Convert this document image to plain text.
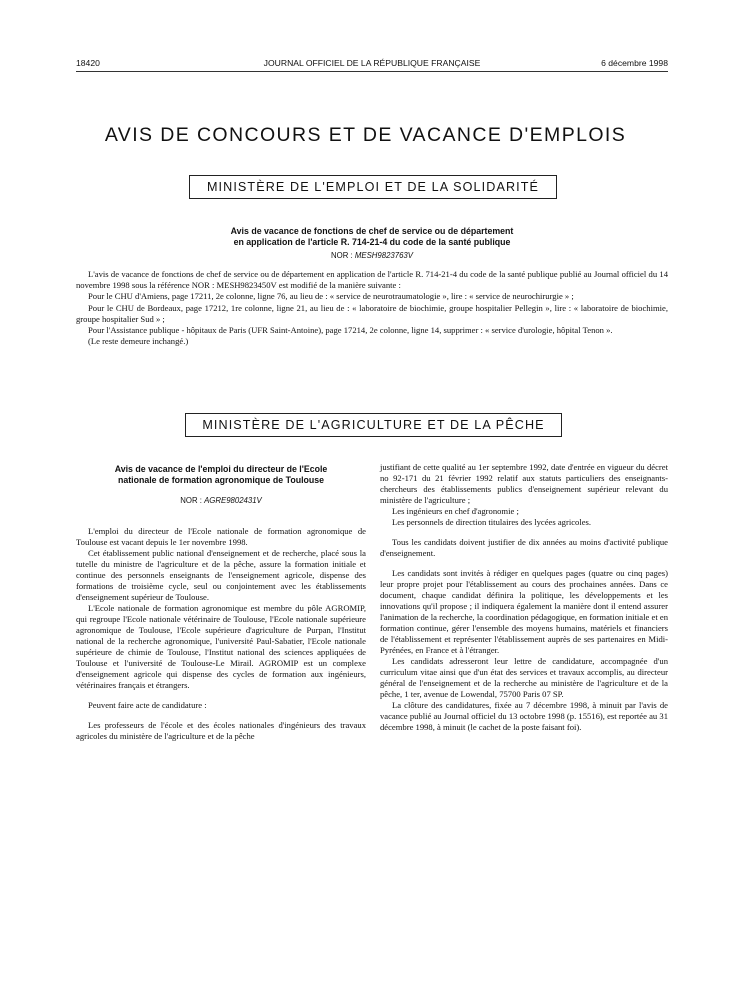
18420	JOURNAL OFFICIEL DE LA RÉPUBLIQUE FRANÇAISE	6 décembre 1998
AVIS DE CONCOURS ET DE VACANCE D'EMPLOIS
MINISTÈRE DE L'EMPLOI ET DE LA SOLIDARITÉ
Avis de vacance de fonctions de chef de service ou de département
en application de l'article R. 714-21-4 du code de la santé publique
NOR : MESH9823763V

L'avis de vacance de fonctions de chef de service ou de département en application de l'article R. 714-21-4 du code de la santé publique publié au Journal officiel du 14 novembre 1998 sous la référence NOR : MESH9823450V est modifié de la manière suivante :

Pour le CHU d'Amiens, page 17211, 2e colonne, ligne 76, au lieu de : « service de neurotraumatologie », lire : « service de neurochirurgie » ;

Pour le CHU de Bordeaux, page 17212, 1re colonne, ligne 21, au lieu de : « laboratoire de biochimie, groupe hospitalier Pellegin », lire : « laboratoire de biochimie, groupe hospitalier Sud » ;

Pour l'Assistance publique - hôpitaux de Paris (UFR Saint-Antoine), page 17214, 2e colonne, ligne 14, supprimer : « service d'urologie, hôpital Tenon ».

(Le reste demeure inchangé.)

MINISTÈRE DE L'AGRICULTURE ET DE LA PÊCHE
Avis de vacance de l'emploi du directeur de l'Ecole
nationale de formation agronomique de Toulouse
NOR : AGRE9802431V

L'emploi du directeur de l'Ecole nationale de formation agronomique de Toulouse est vacant depuis le 1er novembre 1998.

Cet établissement public national d'enseignement et de recherche, placé sous la tutelle du ministre de l'agriculture et de la pêche, assure la formation initiale et continue des personnels enseignants de l'enseignement agricole, dispense des formations de troisième cycle, seul ou conjointement avec les établissements d'enseignement supérieur de Toulouse.

L'Ecole nationale de formation agronomique est membre du pôle AGROMIP, qui regroupe l'Ecole nationale vétérinaire de Toulouse, l'Ecole nationale supérieure agronomique de Toulouse, l'Ecole supérieure d'agriculture de Purpan, l'Institut national de la recherche agronomique, l'université Paul-Sabatier, l'Ecole nationale supérieure de chimie de Toulouse, l'Institut national des sciences appliquées de Toulouse et l'université de Toulouse-Le Mirail. AGROMIP est un complexe d'enseignement agricole qui dispense des cycles de formation aux ingénieurs, vétérinaires français et étrangers.

Peuvent faire acte de candidature :

Les professeurs de l'école et des écoles nationales d'ingénieurs des travaux agricoles du ministère de l'agriculture et de la pêche

justifiant de cette qualité au 1er septembre 1992, date d'entrée en vigueur du décret no 92-171 du 21 février 1992 relatif aux statuts particuliers des enseignants-chercheurs des établissements publics d'enseignement supérieur relevant du ministère de l'agriculture ;

Les ingénieurs en chef d'agronomie ;

Les personnels de direction titulaires des lycées agricoles.

Tous les candidats doivent justifier de dix années au moins d'activité publique d'enseignement.

Les candidats sont invités à rédiger en quelques pages (quatre ou cinq pages) leur propre projet pour l'établissement au cours des prochaines années. Dans ce document, chaque candidat définira la politique, les développements et les innovations qu'il propose ; il indiquera également la manière dont il entend assurer l'animation de la recherche, la coordination pédagogique, en formation initiale et en formation continue, gérer l'ensemble des moyens humains, matériels et financiers de l'établissement et représenter l'établissement auprès de ses partenaires en Midi-Pyrénées, en France et à l'étranger.

Les candidats adresseront leur lettre de candidature, accompagnée d'un curriculum vitae ainsi que d'un état des services et travaux accomplis, au directeur général de l'enseignement et de la recherche au ministère de l'agriculture et de la pêche, 1 ter, avenue de Lowendal, 75700 Paris 07 SP.

La clôture des candidatures, fixée au 7 décembre 1998, à minuit par l'avis de vacance publié au Journal officiel du 13 octobre 1998 (p. 15516), est reportée au 31 décembre 1998, à minuit (le cachet de la poste faisant foi).
